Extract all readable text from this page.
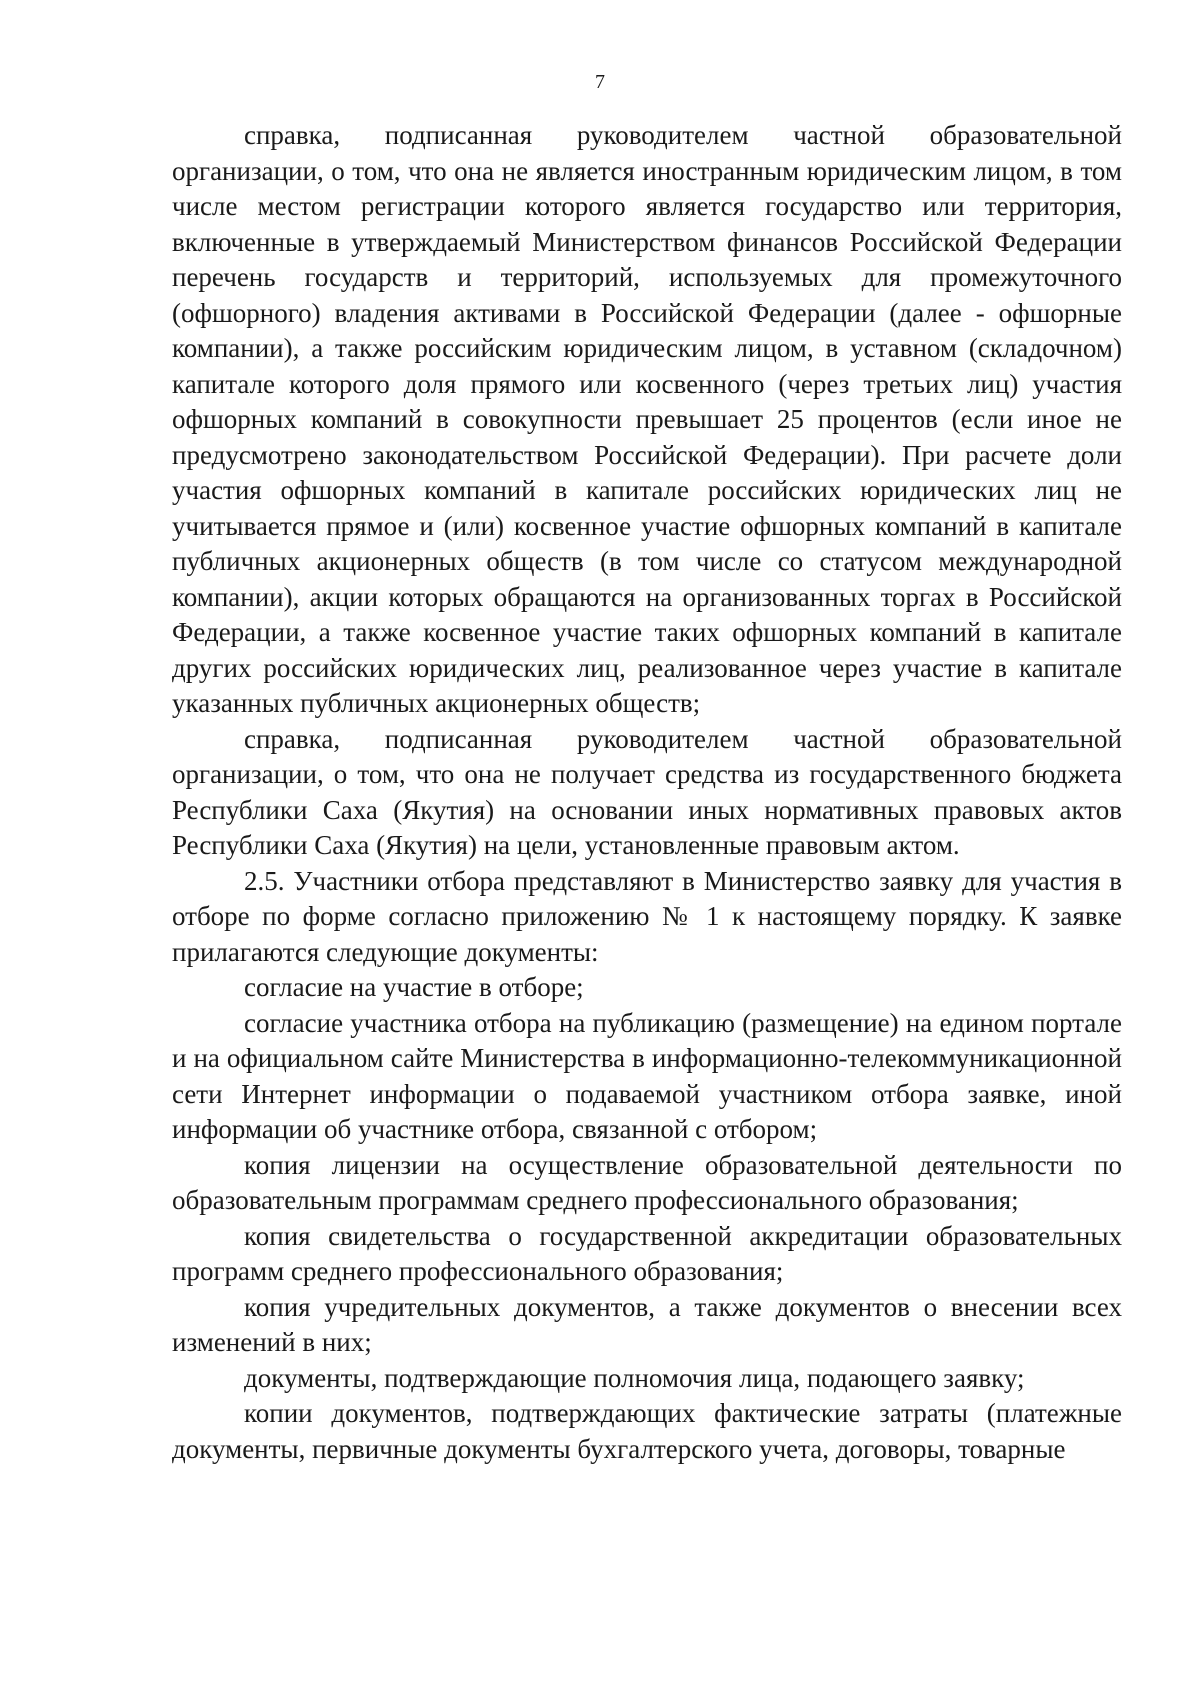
7

справка, подписанная руководителем частной образовательной организации, о том, что она не является иностранным юридическим лицом, в том числе местом регистрации которого является государство или территория, включенные в утверждаемый Министерством финансов Российской Федерации перечень государств и территорий, используемых для промежуточного (офшорного) владения активами в Российской Федерации (далее - офшорные компании), а также российским юридическим лицом, в уставном (складочном) капитале которого доля прямого или косвенного (через третьих лиц) участия офшорных компаний в совокупности превышает 25 процентов (если иное не предусмотрено законодательством Российской Федерации). При расчете доли участия офшорных компаний в капитале российских юридических лиц не учитывается прямое и (или) косвенное участие офшорных компаний в капитале публичных акционерных обществ (в том числе со статусом международной компании), акции которых обращаются на организованных торгах в Российской Федерации, а также косвенное участие таких офшорных компаний в капитале других российских юридических лиц, реализованное через участие в капитале указанных публичных акционерных обществ;

справка, подписанная руководителем частной образовательной организации, о том, что она не получает средства из государственного бюджета Республики Саха (Якутия) на основании иных нормативных правовых актов Республики Саха (Якутия) на цели, установленные правовым актом.

2.5. Участники отбора представляют в Министерство заявку для участия в отборе по форме согласно приложению № 1 к настоящему порядку. К заявке прилагаются следующие документы:

согласие на участие в отборе;

согласие участника отбора на публикацию (размещение) на едином портале и на официальном сайте Министерства в информационно-телекоммуникационной сети Интернет информации о подаваемой участником отбора заявке, иной информации об участнике отбора, связанной с отбором;

копия лицензии на осуществление образовательной деятельности по образовательным программам среднего профессионального образования;

копия свидетельства о государственной аккредитации образовательных программ среднего профессионального образования;

копия учредительных документов, а также документов о внесении всех изменений в них;

документы, подтверждающие полномочия лица, подающего заявку;

копии документов, подтверждающих фактические затраты (платежные документы, первичные документы бухгалтерского учета, договоры, товарные
